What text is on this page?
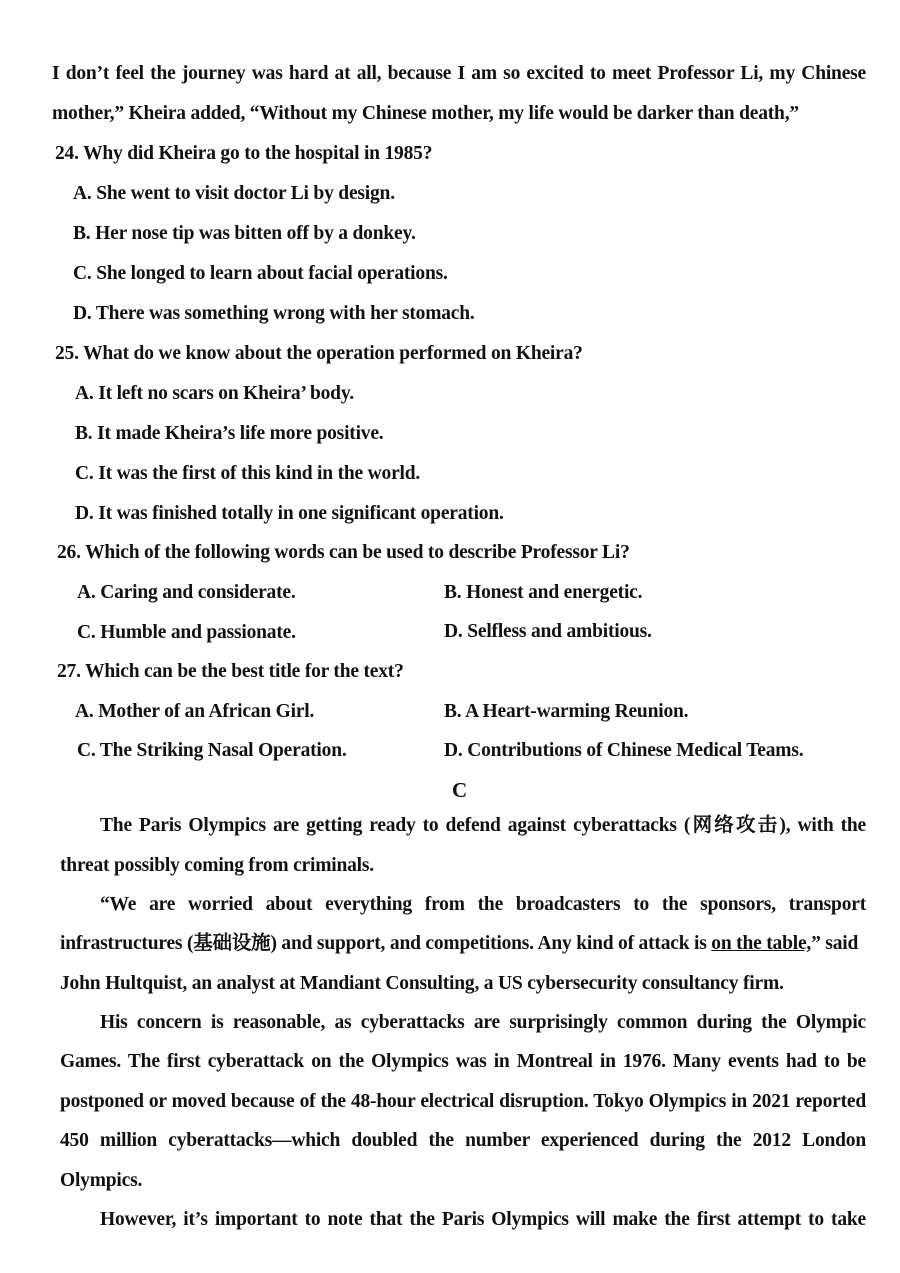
I don’t feel the journey was hard at all, because I am so excited to meet Professor Li, my Chinese
mother,” Kheira added, “Without my Chinese mother, my life would be darker than death,”
24. Why did Kheira go to the hospital in 1985?
A. She went to visit doctor Li by design.
B. Her nose tip was bitten off by a donkey.
C. She longed to learn about facial operations.
D. There was something wrong with her stomach.
25. What do we know about the operation performed on Kheira?
A. It left no scars on Kheira’ body.
B. It made Kheira’s life more positive.
C. It was the first of this kind in the world.
D. It was finished totally in one significant operation.
26. Which of the following words can be used to describe Professor Li?
A. Caring and considerate.	B. Honest and energetic.
C. Humble and passionate.	D. Selfless and ambitious.
27. Which can be the best title for the text?
A. Mother of an African Girl.	B. A Heart-warming Reunion.
C. The Striking Nasal Operation.	D. Contributions of Chinese Medical Teams.
C
The Paris Olympics are getting ready to defend against cyberattacks (网络攻击), with the
threat possibly coming from criminals.
“We are worried about everything from the broadcasters to the sponsors, transport
infrastructures (基础设施) and support, and competitions. Any kind of attack is on the table,” said
John Hultquist, an analyst at Mandiant Consulting, a US cybersecurity consultancy firm.
His concern is reasonable, as cyberattacks are surprisingly common during the Olympic
Games. The first cyberattack on the Olympics was in Montreal in 1976. Many events had to be
postponed or moved because of the 48-hour electrical disruption. Tokyo Olympics in 2021 reported
450 million cyberattacks—which doubled the number experienced during the 2012 London
Olympics.
However, it’s important to note that the Paris Olympics will make the first attempt to take
